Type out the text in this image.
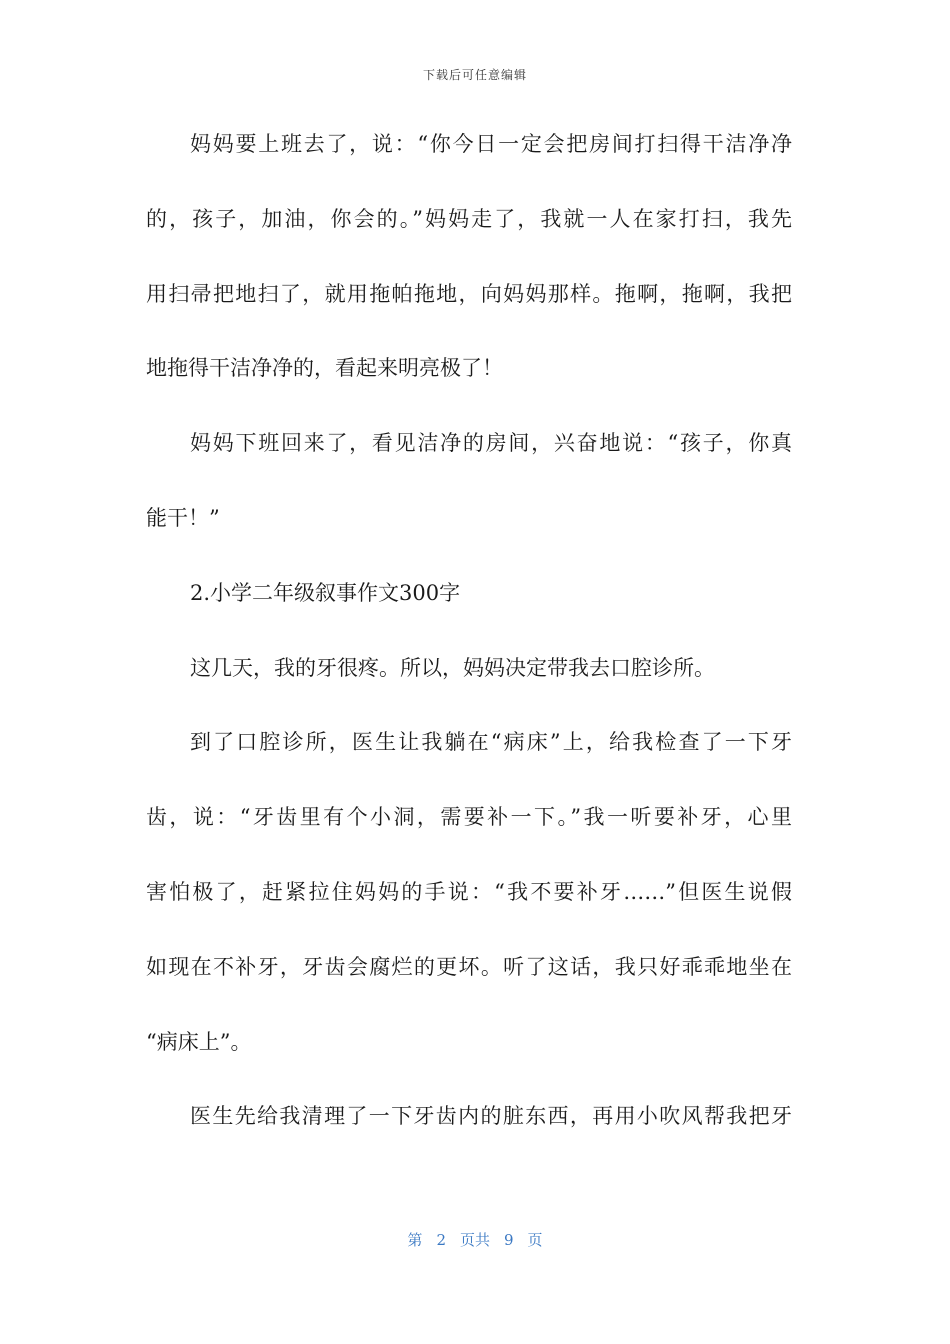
下载后可任意编辑
妈妈要上班去了，说：“你今日一定会把房间打扫得干洁净净
的，孩子，加油，你会的。”妈妈走了，我就一人在家打扫，我先
用扫帚把地扫了，就用拖帕拖地，向妈妈那样。拖啊，拖啊，我把
地拖得干洁净净的，看起来明亮极了！
妈妈下班回来了，看见洁净的房间，兴奋地说：“孩子，你真
能干！”
2.小学二年级叙事作文300字
这几天，我的牙很疼。所以，妈妈决定带我去口腔诊所。
到了口腔诊所，医生让我躺在“病床”上，给我检查了一下牙
齿，说：“牙齿里有个小洞，需要补一下。”我一听要补牙，心里
害怕极了，赶紧拉住妈妈的手说：“我不要补牙……”但医生说假
如现在不补牙，牙齿会腐烂的更坏。听了这话，我只好乖乖地坐在
“病床上”。
医生先给我清理了一下牙齿内的脏东西，再用小吹风帮我把牙
第 2 页共 9 页
